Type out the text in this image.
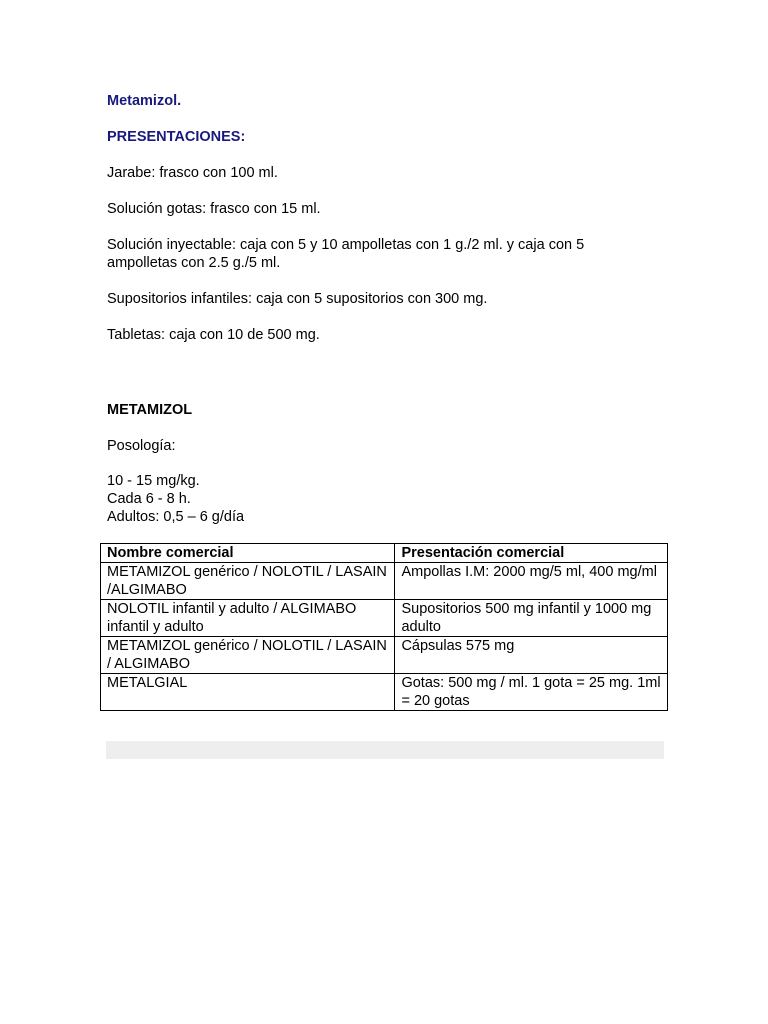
Metamizol.

PRESENTACIONES:

Jarabe: frasco con 100 ml.

Solución gotas: frasco con 15 ml.

Solución inyectable: caja con 5 y 10 ampolletas con 1 g./2 ml. y caja con 5 ampolletas con 2.5 g./5 ml.

Supositorios infantiles: caja con 5 supositorios con 300 mg.

Tabletas: caja con 10 de 500 mg.

METAMIZOL

Posología:

10 - 15 mg/kg.

Cada 6 - 8 h.

Adultos: 0,5 – 6 g/día

Nombre comercial	Presentación comercial
METAMIZOL genérico / NOLOTIL / LASAIN /ALGIMABO	Ampollas I.M: 2000 mg/5 ml, 400 mg/ml
NOLOTIL infantil y adulto / ALGIMABO infantil y adulto	Supositorios 500 mg infantil y 1000 mg adulto
METAMIZOL genérico / NOLOTIL / LASAIN / ALGIMABO	Cápsulas 575 mg
METALGIAL	Gotas: 500 mg / ml. 1 gota = 25 mg. 1ml = 20 gotas
